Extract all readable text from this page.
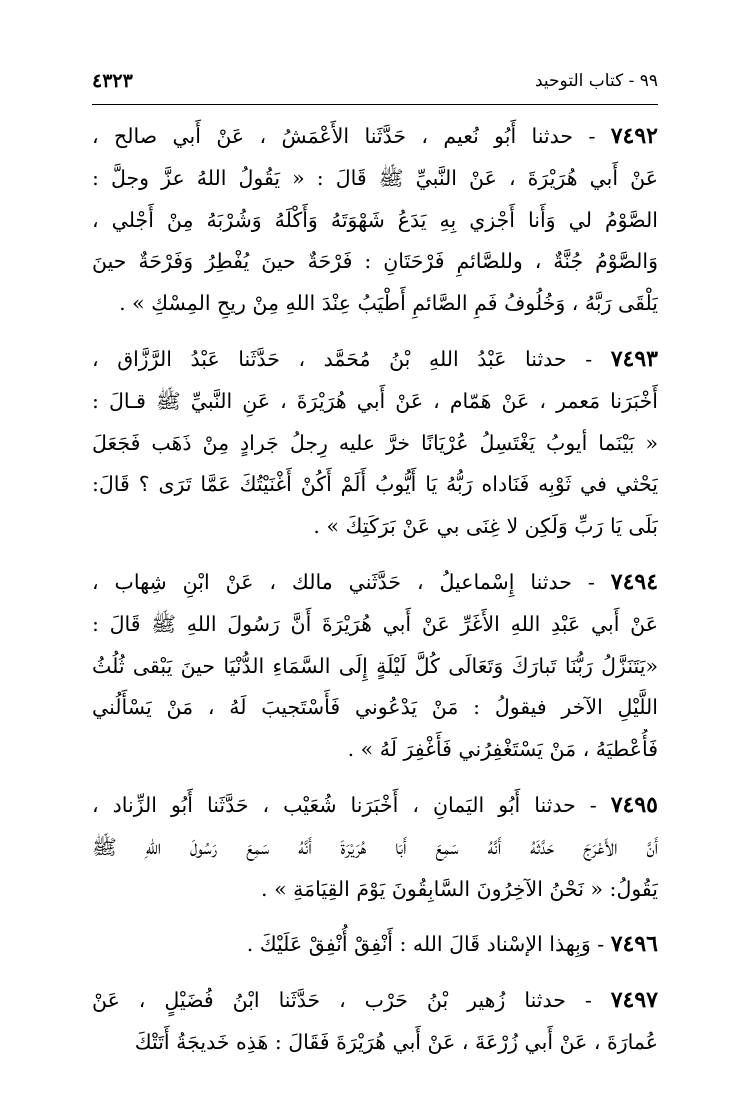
٩٩ - كتاب التوحيد
٤٣٢٣
٧٤٩٢ - حدثنا أَبُو نُعيم ، حَدَّثَنا الأَعْمَشُ ، عَنْ أَبي صالح ،
عَنْ أَبي هُرَيْرَةَ ، عَنْ النَّبيِّ ﷺ قَالَ : « يَقُولُ اللهُ عزَّ وجلَّ :
الصَّوْمُ لي وَأَنا أَجْزي بِهِ يَدَعُ شَهْوَتَهُ وَأَكْلَهُ وَشُرْبَهُ مِنْ أَجْلي ،
وَالصَّوْمُ جُنَّةٌ ، وللصَّائمِ فَرْحَتَانِ : فَرْحَةٌ حينَ يُفْطِرُ وَفَرْحَةٌ حينَ
يَلْقَى رَبَّهُ ، وَخُلُوفُ فَمِ الصَّائمِ أَطْيَبُ عِنْدَ اللهِ مِنْ ريحِ المِسْكِ » .
٧٤٩٣ - حدثنا عَبْدُ اللهِ بْنُ مُحَمَّد ، حَدَّثَنا عَبْدُ الرَّزَّاق ،
أَخْبَرَنا مَعمر ، عَنْ هَمّام ، عَنْ أَبي هُرَيْرَةَ ، عَنِ النَّبيِّ ﷺ قـالَ :
« بَيْنَما أيوبُ يَغْتَسِلُ عُرْيَانًا خرَّ عليه رِجلُ جَرادٍ مِنْ ذَهَب فَجَعَلَ
يَحْثي في ثَوْبِه فَنَاداه رَبُّهُ يَا أَيُّوبُ أَلَمْ أَكُنْ أَغْنَيْتُكَ عَمَّا تَرَى ؟ قَالَ:
بَلَى يَا رَبِّ وَلَكِن لا غِنَى بي عَنْ بَرَكَتِكَ » .
٧٤٩٤ - حدثنا إِسْماعيلُ ، حَدَّثَني مالك ، عَنْ ابْنِ شِهاب ،
عَنْ أَبي عَبْدِ اللهِ الأَغَرِّ عَنْ أَبي هُرَيْرَةَ أَنَّ رَسُولَ اللهِ ﷺ قَالَ :
«يَتَنَزَّلُ رَبُّنَا تَبارَكَ وَتَعَالَى كُلَّ لَيْلَةٍ إِلَى السَّمَاءِ الدُّنْيَا حينَ يَبْقى ثُلُثُ
اللَّيْلِ الآخر فيقولُ : مَنْ يَدْعُوني فَأَسْتَجيبَ لَهُ ، مَنْ يَسْأَلُني
فَأُعْطيَهُ ، مَنْ يَسْتَغْفِرُني فَأَغْفِرَ لَهُ » .
٧٤٩٥ - حدثنا أَبُو اليَمانِ ، أَخْبَرَنا شُعَيْب ، حَدَّثَنا أَبُو الزِّناد ،
أَنَّ الأَعْرَجَ حَدَّثَهُ أَنَّهُ سَمِعَ أَبَا هُرَيْرَةَ أَنَّهُ سَمِعَ رَسُولَ اللهِ ﷺ
يَقُولُ: « نَحْنُ الآخِرُونَ السَّابِقُونَ يَوْمَ القِيَامَةِ » .
٧٤٩٦ - وَبِهذا الإسْناد قَالَ الله : أَنْفِقْ أُنْفِقْ عَلَيْكَ .
٧٤٩٧ - حدثنا زُهير بْنُ حَرْب ، حَدَّثَنا ابْنُ فُضَيْلٍ ، عَنْ
عُمارَةَ ، عَنْ أَبي زُرْعَةَ ، عَنْ أَبي هُرَيْرَةَ فَقَالَ : هَذِه خَديجَةُ أَتَتْكَ
